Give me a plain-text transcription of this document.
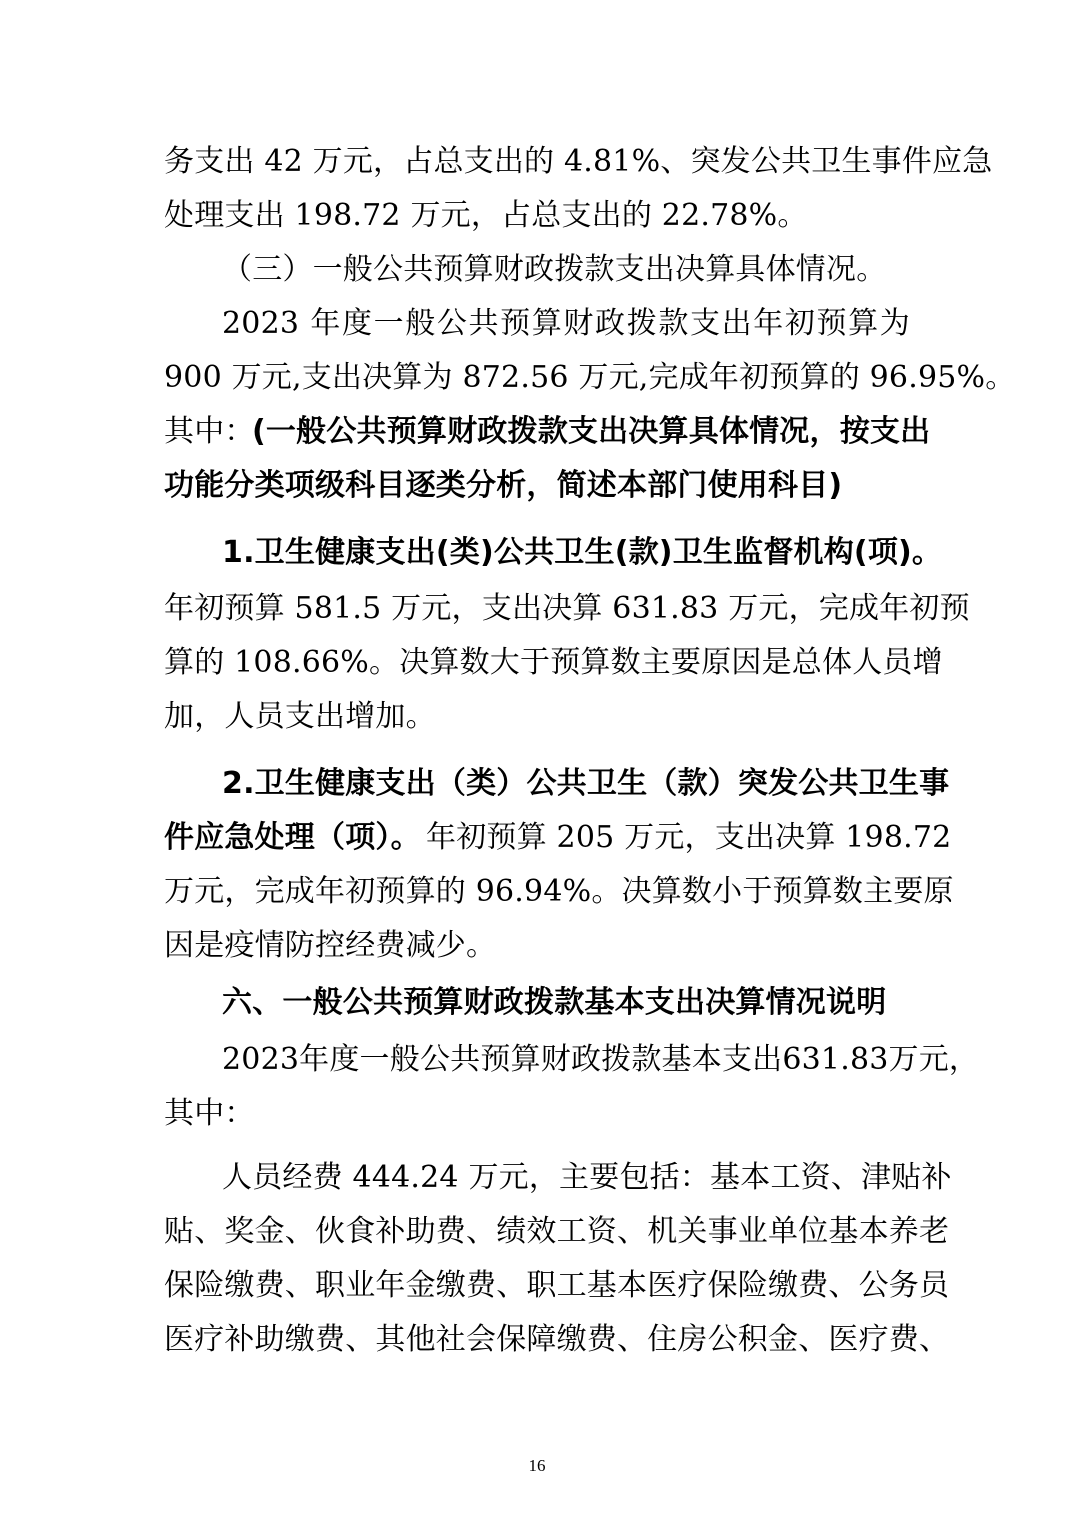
务支出 42 万元，占总支出的 4.81%、突发公共卫生事件应急
处理支出 198.72 万元，占总支出的 22.78%。
（三）一般公共预算财政拨款支出决算具体情况。
2023 年度一般公共预算财政拨款支出年初预算为
900 万元,支出决算为 872.56 万元,完成年初预算的 96.95%。
其中：
(一般公共预算财政拨款支出决算具体情况，按支出
功能分类项级科目逐类分析，简述本部门使用科目)
1.卫生健康支出(类)公共卫生(款)卫生监督机构(项)。
年初预算 581.5 万元，支出决算 631.83 万元，完成年初预
算的 108.66%。决算数大于预算数主要原因是总体人员增
加，人员支出增加。
2.卫生健康支出（类）公共卫生（款）突发公共卫生事
件应急处理（项）。 年初预算 205 万元，支出决算 198.72
万元，完成年初预算的 96.94%。决算数小于预算数主要原
因是疫情防控经费减少。
六、一般公共预算财政拨款基本支出决算情况说明
2023年度一般公共预算财政拨款基本支出631.83万元，
其中：
人员经费 444.24 万元，主要包括：基本工资、津贴补
贴、奖金、伙食补助费、绩效工资、机关事业单位基本养老
保险缴费、职业年金缴费、职工基本医疗保险缴费、公务员
医疗补助缴费、其他社会保障缴费、住房公积金、医疗费、
16
